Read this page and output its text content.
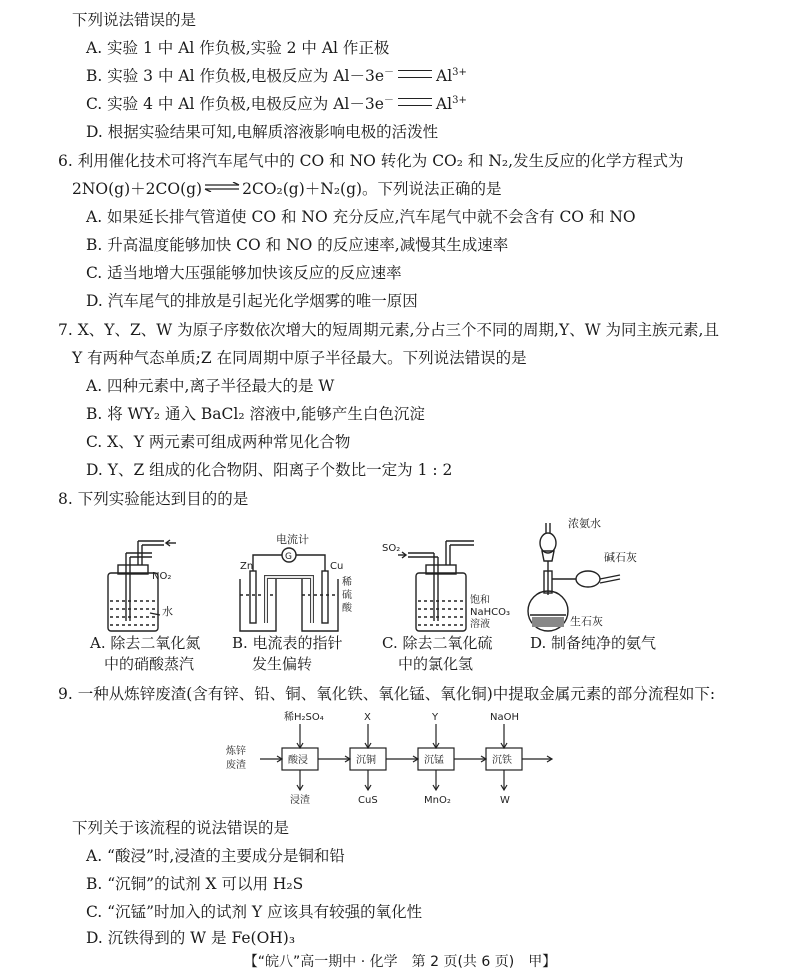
下列说法错误的是
A. 实验 1 中 Al 作负极,实验 2 中 Al 作正极
B. 实验 3 中 Al 作负极,电极反应为 Al－3e－	$Al^{3+}$
C. 实验 4 中 Al 作负极,电极反应为 Al－3e－	$Al^{3+}$
D. 根据实验结果可知,电解质溶液影响电极的活泼性
6. 利用催化技术可将汽车尾气中的 CO 和 NO 转化为 CO₂ 和 N₂,发生反应的化学方程式为
2NO(g)＋2CO(g) ⇌ 2CO₂(g)＋N₂(g)。下列说法正确的是
A. 如果延长排气管道使 CO 和 NO 充分反应,汽车尾气中就不会含有 CO 和 NO
B. 升高温度能够加快 CO 和 NO 的反应速率,减慢其生成速率
C. 适当地增大压强能够加快该反应的反应速率
D. 汽车尾气的排放是引起光化学烟雾的唯一原因
7. X、Y、Z、W 为原子序数依次增大的短周期元素,分占三个不同的周期,Y、W 为同主族元素,且
Y 有两种气态单质;Z 在同周期中原子半径最大。下列说法错误的是
A. 四种元素中,离子半径最大的是 W
B. 将 WY₂ 通入 BaCl₂ 溶液中,能够产生白色沉淀
C. X、Y 两元素可组成两种常见化合物
D. Y、Z 组成的化合物阴、阳离子个数比一定为 1 : 2
8. 下列实验能达到目的的是
NO₂
水
电流计
G
Zn	Cu
稀
硫
酸
SO₂
饱和
NaHCO₃
溶液
浓氨水
碱石灰
生石灰
A. 除去二氧化氮
中的硝酸蒸汽
B. 电流表的指针
发生偏转
C. 除去二氧化硫
中的氯化氢
D. 制备纯净的氨气
9. 一种从炼锌废渣(含有锌、铅、铜、氧化铁、氧化锰、氧化铜)中提取金属元素的部分流程如下:
炼锌
废渣	酸浸	沉铜	沉锰	沉铁
稀H₂SO₄	X	Y	NaOH
浸渣	CuS	MnO₂	W
下列关于该流程的说法错误的是
A. “酸浸”时,浸渣的主要成分是铜和铅
B. “沉铜”的试剂 X 可以用 H₂S
C. “沉锰”时加入的试剂 Y 应该具有较强的氧化性
D. 沉铁得到的 W 是 Fe(OH)₃
【“皖八”高一期中 · 化学　第 2 页(共 6 页)　甲】
